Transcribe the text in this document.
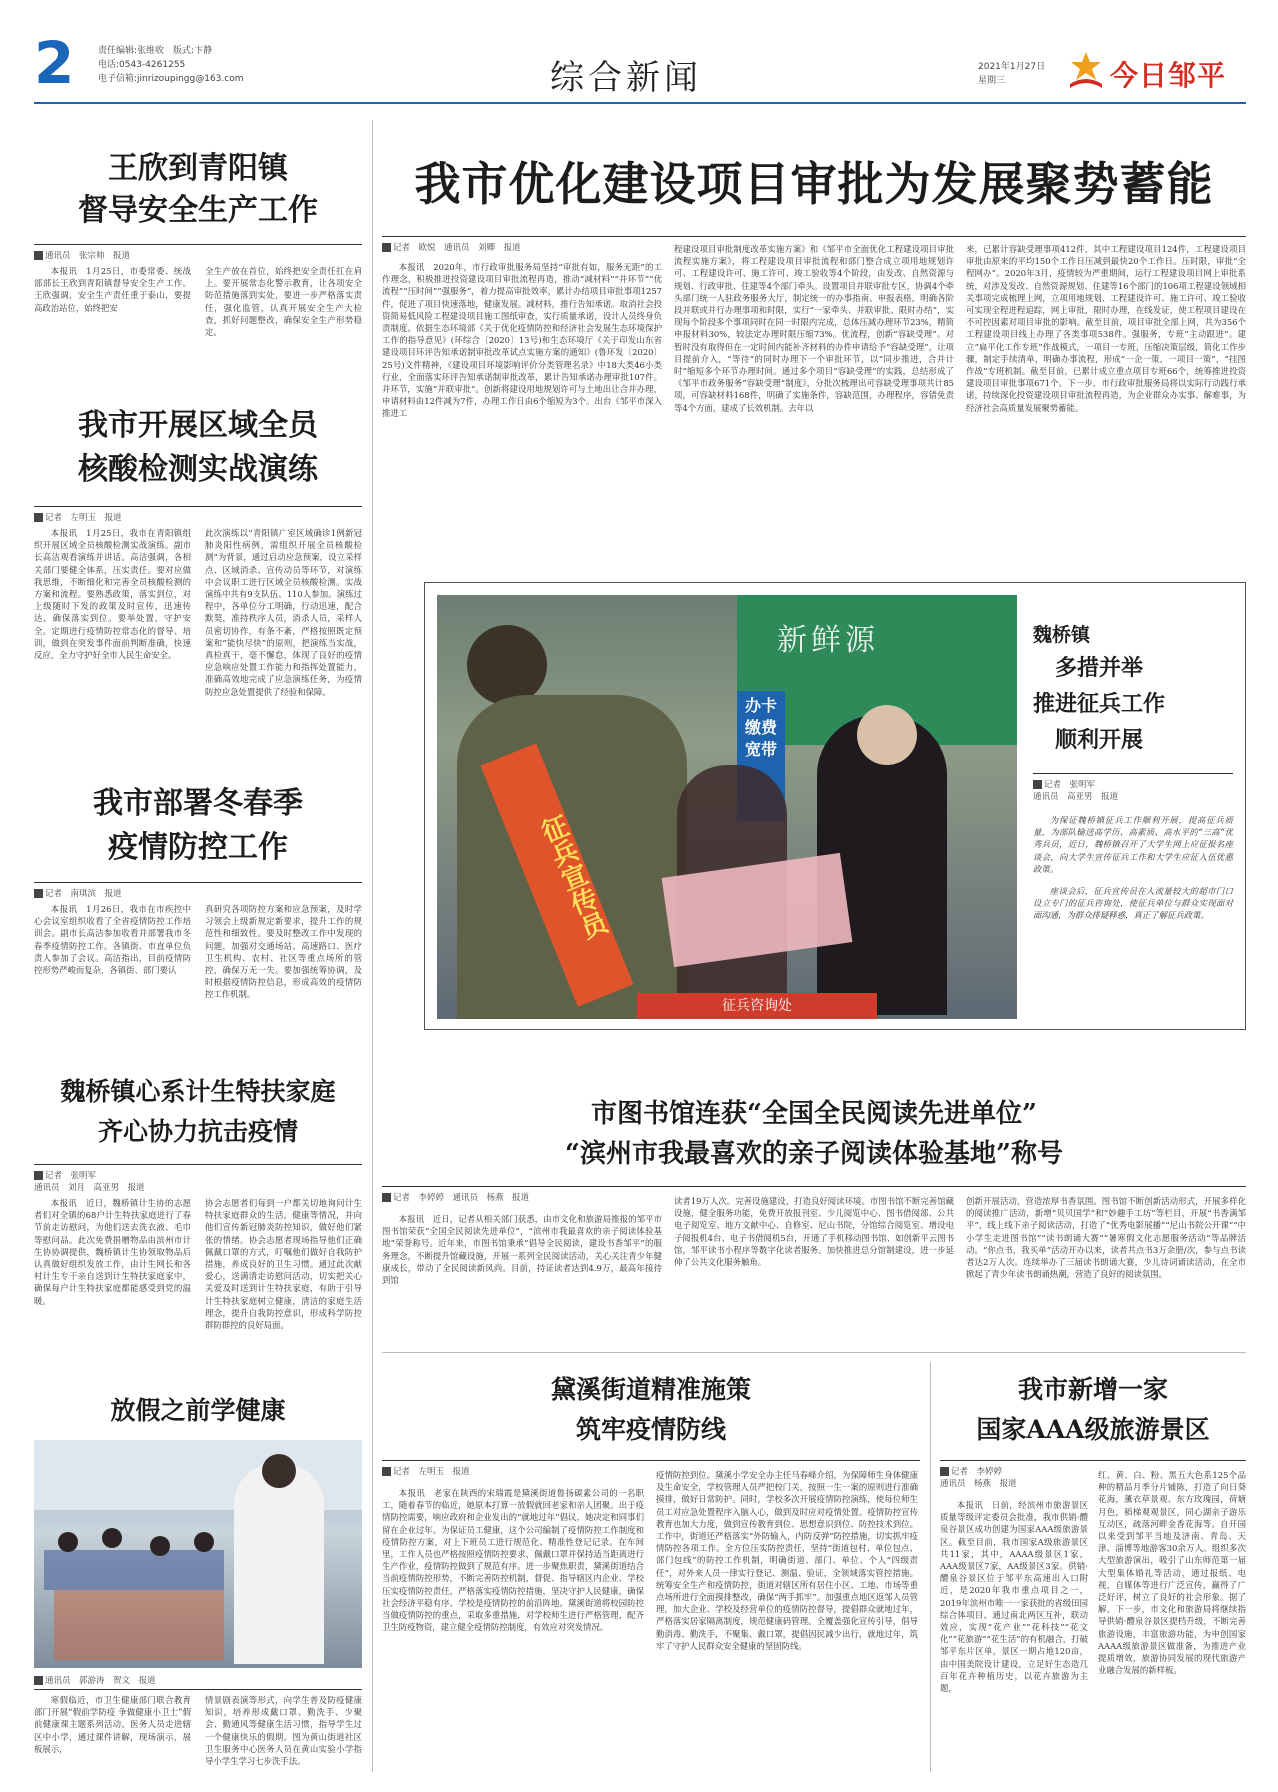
2	责任编辑:张维收　版式:卞静
电话:0543-4261255
电子信箱:jinrizoupingg@163.com	综合新闻	2021年1月27日
星期三	今日邹平
王欣到青阳镇
督导安全生产工作
通讯员　张宗帅　报道
本报讯　1月25日，市委常委、统战部部长王欣到青阳镇督导安全生产工作。王欣强调，安全生产责任重于泰山，要提高政治站位，始终把安
全生产放在首位，始终把安全责任扛在肩上。要开展常态化警示教育，让各项安全防范措施落到实处，要进一步严格落实责任，强化监管，认真开展安全生产大检查，抓好问题整改，确保安全生产形势稳定。
我市开展区域全员
核酸检测实战演练
记者　左明玉　报道
本报讯　1月25日，我市在青阳镇组织开展区域全员核酸检测实战演练。副市长高洁观看演练并讲话。高洁强调，各相关部门要健全体系，压实责任。要对应做我思维，不断细化和完善全员核酸检测的方案和流程。要熟悉政策，落实到位，对上级随时下发的政策及时宣传，迅速传达，确保落实到位。要举处置，守护安全。定期进行疫情防控常态化的督导、培训，做到在突发事件面前判断准确，快速反应，全力守护好全市人民生命安全。
此次演练以“青阳镇广室区域确诊1例新冠肺炎阳性病例，需组织开展全员核酸检测”为背景，通过启动应急预案，设立采样点、区域消杀、宣传动员等环节，对演练中会议职工进行区域全员核酸检测。实战演练中共有9支队伍、110人参加。演练过程中，各单位分工明确，行动迅速，配合默契，准持秩序人员，消杀人员，采样人员密切协作，有条不紊，严格按照既定预案和“能快尽快”的原则，把演练当实战，真检真干，毫不懈怠，体现了良好的疫情应急响应处置工作能力和指挥处置能力，准确高效地完成了应急演练任务，为疫情防控应急处置提供了经验和保障。
我市部署冬春季
疫情防控工作
记者　南琪滨　报道
本报讯　1月26日，我市在市疾控中心会议室组织收看了全省疫情防控工作培训会。副市长高洁参加收看并部署我市冬春季疫情防控工作。各镇街、市直单位负责人参加了会议。高洁指出，目前疫情防控形势严峻而复杂，各镇街、部门要认
真研究各项防控方案和应急预案，及时学习领会上级新规定新要求，提升工作的规范性和细致性。要及时整改工作中发现的问题，加强对交通场站、高速路口、医疗卫生机构、农村、社区等重点场所的管控，确保万无一失。要加强统筹协调，及时根据疫情防控信息，形成高效的疫情防控工作机制。
魏桥镇心系计生特扶家庭
齐心协力抗击疫情
记者　张明军
通讯员　刘月　高亚男　报道
本报讯　近日，魏桥镇计生协的志愿者们对全镇的68户计生特扶家庭进行了春节前走访慰问，为他们送去洗衣液、毛巾等慰问品。此次免费捐赠物品由滨州市计生协协调提供，魏桥镇计生协领取物品后认真做好组织发放工作，由计生网长和各村计生专干亲自送到计生特扶家庭家中，确保每户计生特扶家庭都能感受到党的温暖。
协会志愿者们每到一户都关切地询问计生特扶家庭群众的生活，健康等情况，并向他们宣传新冠肺炎防控知识，做好他们紧张的情绪。协会志愿者现场指导他们正确佩戴口罩的方式，叮嘱他们做好自我防护措施，养成良好的卫生习惯。通过此次献爱心，送满清走访慰问活动，切实把关心关爱及时送到计生特扶家庭，有助于引导计生特扶家庭树立健康，清洁的家庭生活理念，提升自我防控意识，形成科学防控群防群控的良好局面。
放假之前学健康
通讯员　郭游涛　贺文　报道
寒假临近，市卫生健康部门联合教育部门开展“假前学防疫 争做健康小卫士”假前健康课主题系列活动。医务人员走进辖区中小学，通过课件讲解，现场演示，展板展示，
情景剧表演等形式，向学生普及防疫健康知识，培养形成戴口罩、勤洗手、少聚会、勤通风等健康生活习惯，指导学生过一个健康快乐的假期。图为黄山街道社区卫生服务中心医务人员在黄山实验小学指导小学生学习七步洗手法。
我市优化建设项目审批为发展聚势蓄能
记者　欧悦　通讯员　刘卿　报道
本报讯　2020年，市行政审批服务局坚持“审批有如，服务无距”的工作理念，积极推进投资建设项目审批流程再造，推动“减材料”“并环节”“优流程”“压时间”“强服务”，着力提高审批效率，累计办结项目审批事项1257件，促进了项目快速落地，健康发展。减材料，推行告知承诺。取消社会投资简易低风险工程建设项目施工图纸审查，实行质量承诺，设计人员终身负责制度。依据生态环境部《关于优化疫情防控和经济社会发展生态环境保护工作的指导意见》(环综合〔2020〕13号)和生态环境厅《关于印发山东省建设项目环评告知承诺制审批改革试点实施方案的通知》(鲁环发〔2020〕25号)文件精神，《建设项目环境影响评价分类管理名录》中18大类46小类行业，全面落实环评告知承诺制审批改革，累计告知承诺办理审批107件。并环节，实施“并联审批”。创新将建设用地规划许可与土地出让合并办理，申请材料由12件减为7件，办理工作日由6个缩短为3个。出台《邹平市深入推进工
程建设项目审批制度改革实施方案》和《邹平市全面优化工程建设项目审批流程实施方案》，将工程建设项目审批流程和部门整合成立项用地规划许可、工程建设许可、施工许可、竣工验收等4个阶段，由发改、自然资源与规划、行政审批、住建等4个部门牵头。设置项目并联审批专区，协调4个牵头部门统一人驻政务服务大厅，制定统一的办事指南、申报表格，明确各阶段并联或并行办理事项和时限，实行“一家牵头、并联审批、限时办结”，实现每个阶段多个事项同时在同一时限内完成，总体压减办理环节23%，精简申报材料30%，较法定办理时限压缩73%。优流程，创新“容缺受理”。对暂时没有取得但在一定时间内能补齐材料的办件申请给予“容缺受理”，让项目提前介入，“等待”的同时办理下一个审批环节，以“同步推进，合并计时”缩短多个环节办理时间。通过多个项目“容缺受理”的实践，总结形成了《邹平市政务服务“容缺受理”制度》，分批次梳理出可容缺受理事项共计85项，可容缺材料168件，明确了实施条件，容缺范围，办理程序，容错免责等4个方面，建成了长效机制。去年以
来，已累计容缺受理事项412件，其中工程建设项目124件，工程建设项目审批由原来的平均150个工作日压减到最快20个工作日。压时限，审批“全程网办”。2020年3月，疫情较为严重期间，运行工程建设项目网上审批系统，对涉及发改、自然资源规划、住建等16个部门的106项工程建设领域相关事项完成梳理上网，立项用地规划、工程建设许可、施工许可、竣工验收可实现全程进程追踪，网上审批，限时办理，在线发证，使工程项目建设在不可控因素对项目审批的影响。截至目前，项目审批全部上网，共为356个工程建设项目线上办理了各类事项538件。强服务，专班“主动跟进”。建立“扁平化工作专班”作战模式，一项目一专班，压缩决策层级，简化工作步骤，制定手续清单，明确办事流程，形成“一企一策，一项目一策”，“挂图作战”专班机制。截至目前，已累计成立重点项目专班66个，统筹推进投资建设项目审批事项671个。下一步，市行政审批服务局将以实际行动践行承诺，持续深化投资建设项目审批流程再造，为企业群众办实事、解难事，为经济社会高质量发展聚势蓄能。
新鲜源
办卡
缴费
宽带
征兵宣传员
征兵咨询处
魏桥镇
多措并举
推进征兵工作
顺利开展
记者　张明军
通讯员　高亚男　报道
为保证魏桥镇征兵工作顺利开展，提高征兵质量，为部队输送高学历、高素质、高水平的“三高”优秀兵员，近日，魏桥镇召开了大学生网上应征报名座谈会，向大学生宣传征兵工作和大学生应征入伍优惠政策。
座谈会后，征兵宣传员在人流量较大的超市门口设立专门的征兵咨询处，使征兵单位与群众实现面对面沟通，为群众排疑释惑，真正了解征兵政策。
市图书馆连获“全国全民阅读先进单位”
“滨州市我最喜欢的亲子阅读体验基地”称号
记者　李婷婷　通讯员　杨燕　报道
本报讯　近日，记者从相关部门获悉，由市文化和旅游局推报的邹平市图书馆荣获“全国全民阅读先进单位”，“滨州市我最喜欢的亲子阅读体验基地”荣誉称号。近年来，市图书馆秉承“倡导全民阅读，建设书香邹平”的服务理念，不断提升馆藏设施，开展一系列全民阅读活动，关心关注青少年健康成长，带动了全民阅读新风尚。目前，持证读者达到4.9万，最高年接待到馆
读者19万人次。完善设施建设，打造良好阅读环境。市图书馆不断完善馆藏设施，健全服务功能，免费开放报刊室、少儿阅览中心、图书借阅部、公共电子阅览室、地方文献中心、自修室、尼山书院，分馆综合阅览室、增设电子阅报机4台、电子书借阅机5台，开通了手机移动图书馆、如创新平云图书馆，邹平读书小程序等数字化读者服务。加快推进总分馆制建设，进一步延伸了公共文化服务触角。
创新开展活动，营造浓厚书香氛围。图书馆不断创新活动形式，开展多样化的阅读推广活动，新增“贝贝国学”和“妙趣手工坊”等栏目，开展“书香满邹平”，线上线下亲子阅读活动，打造了“优秀电影展播”“尼山书院公开课”“中小学生走进图书馆”“读书朗诵大赛”“暑寒假文化志愿服务活动”等品牌活动。“你点书，我买单”活动开办以来，读者共点书3万余册/次，参与点书读者达2万人次。连续举办了三届读书朗诵大赛，少儿诗词诵读活动，在全市掀起了青少年读书朗诵热潮，营造了良好的阅读氛围。
黛溪街道精准施策
筑牢疫情防线
记者　左明玉　报道
本报讯　老家在陕西的宋瑞霞是黛溪街道鲁扬碳素公司的一名职工，随着春节的临近，她原本打算一放假就回老家和亲人团聚。出于疫情防控需要，响应政府和企业发出的“就地过年”倡议，她决定和同事们留在企业过年。为保证员工健康，这个公司编制了疫情防控工作制度和疫情防控方案，对上下班员工进行规范化、精准性登记记录。在车间里，工作人员也严格按照疫情防控要求，佩戴口罩并保持适当距离进行生产作业，疫情防控做到了规范有序。进一步聚焦职责，黛溪街道结合当前疫情防控形势，不断完善防控机制，督促、指导辖区内企业、学校压实疫情防控责任，严格落实疫情防控措施，坚决守护人民健康，确保社会经济平稳有序。学校是疫情防控的前沿阵地。黛溪街道将校园防控当做疫情防控的重点，采取多重措施，对学校师生进行严格管理，配齐卫生防疫物资，建立健全疫情防控制度，有效应对突发情况。
疫情防控到位。黛溪小学安全办主任马春峰介绍，为保障师生身体健康及生命安全，学校管理人员严把校门关，按照一生一案的原则进行准确摸排，做好日常防护。同时，学校多次开展疫情防控演练，使每位师生员工对应急处置程序入脑入心，做到及时应对疫情处置。疫情防控宣传教育也加大力度，做到宣传教育到位、思想意识到位、防控技术到位。工作中，街道还严格落实“外防输入，内防反弹”防控措施，切实抓牢疫情防控各项工作。全方位压实防控责任，坚持“街道包村、单位包点、部门包线”的防控工作机制，明确街道、部门、单位、个人“四级责任”，对外来人员一律实行登记、测温、验证，全领域落实管控措施。统筹安全生产和疫情防控，街道对辖区所有居住小区、工地、市场等重点场所进行全面摸排整改，确保“两手抓牢”。加强重点地区返邹人员管理，加大企业、学校及经营单位的疫情防控督导，提倡群众就地过年，严格落实居家隔离制度，规范健康码管理。全覆盖强化宣传引导，倡导勤消毒、勤洗手，不聚集、戴口罩，提倡因民减少出行，就地过年，筑牢了守护人民群众安全健康的坚固防线。
我市新增一家
国家AAA级旅游景区
记者　李婷婷
通讯员　杨燕　报道
本报讯　日前，经滨州市旅游景区质量等级评定委员会批准，我市供销·醴泉谷景区成功创建为国家AAA级旅游景区。截至目前，我市国家A级旅游景区共11家，其中，AAAA级景区1家，AAA级景区7家，AA级景区3家。供销·醴泉谷景区位于邹平东高速出入口附近，是2020年我市重点项目之一，2019年滨州市唯一一家获批的省级田园综合体项目。通过南北两区互补，联动效应，实现“花产业”“花科技”“花文化”“花旅游”“花生活”的有机融合，打破邹平东片区单，景区一期占地120亩，由中国美院设计建设，立足好生态造几百年花卉种植历史，以花卉旅游为主题，
红、黄、白、粉、黑五大色系125个品种的精品月季分片铺陈，打造了向日葵花海，薰衣草景观、东方玫瑰园，荷塘月色，稻梯观观景区，同心湖亲子游乐互动区，疏落河畔金香花海等。自开园以来受到邹平当地及济南、青岛、天津、淄博等地游客30余万人。组织多次大型旅游演出，吸引了山东师范第一届大型集体婚礼等活动，通过报纸、电视，自媒体等进行广泛宣传，赢得了广泛好评，树立了良好的社会形象。据了解，下一步，市文化和旅游局将继续指导供销·醴泉谷景区提档升级，不断完善旅游设施，丰富旅游功能，为申创国家AAAA级旅游景区做准备，为推进产业提质增效，旅游协同发展的现代旅游产业融合发展的新样板。
